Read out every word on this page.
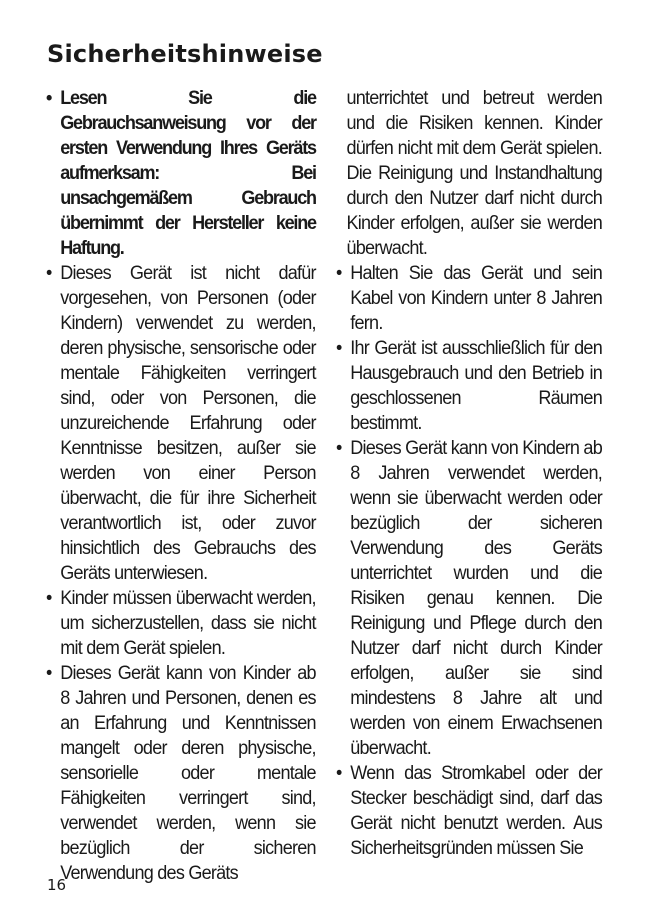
Sicherheitshinweise
• Lesen Sie die Gebrauchsanweisung vor der ersten Verwendung Ihres Geräts aufmerksam: Bei unsachgemäßem Gebrauch übernimmt der Hersteller keine Haftung.
• Dieses Gerät ist nicht dafür vorgesehen, von Personen (oder Kindern) verwendet zu werden, deren physische, sensorische oder mentale Fähigkeiten verringert sind, oder von Personen, die unzureichende Erfahrung oder Kenntnisse besitzen, außer sie werden von einer Person überwacht, die für ihre Sicherheit verantwortlich ist, oder zuvor hinsichtlich des Gebrauchs des Geräts unterwiesen.
• Kinder müssen überwacht werden, um sicherzustellen, dass sie nicht mit dem Gerät spielen.
• Dieses Gerät kann von Kinder ab 8 Jahren und Personen, denen es an Erfahrung und Kenntnissen mangelt oder deren physische, sensorielle oder mentale Fähigkeiten verringert sind, verwendet werden, wenn sie bezüglich der sicheren Verwendung des Geräts
unterrichtet und betreut werden und die Risiken kennen. Kinder dürfen nicht mit dem Gerät spielen. Die Reinigung und Instandhaltung durch den Nutzer darf nicht durch Kinder erfolgen, außer sie werden überwacht.
• Halten Sie das Gerät und sein Kabel von Kindern unter 8 Jahren fern.
• Ihr Gerät ist ausschließlich für den Hausgebrauch und den Betrieb in geschlossenen Räumen bestimmt.
• Dieses Gerät kann von Kindern ab 8 Jahren verwendet werden, wenn sie überwacht werden oder bezüglich der sicheren Verwendung des Geräts unterrichtet wurden und die Risiken genau kennen. Die Reinigung und Pflege durch den Nutzer darf nicht durch Kinder erfolgen, außer sie sind mindestens 8 Jahre alt und werden von einem Erwachsenen überwacht.
• Wenn das Stromkabel oder der Stecker beschädigt sind, darf das Gerät nicht benutzt werden. Aus Sicherheitsgründen müssen Sie
16
